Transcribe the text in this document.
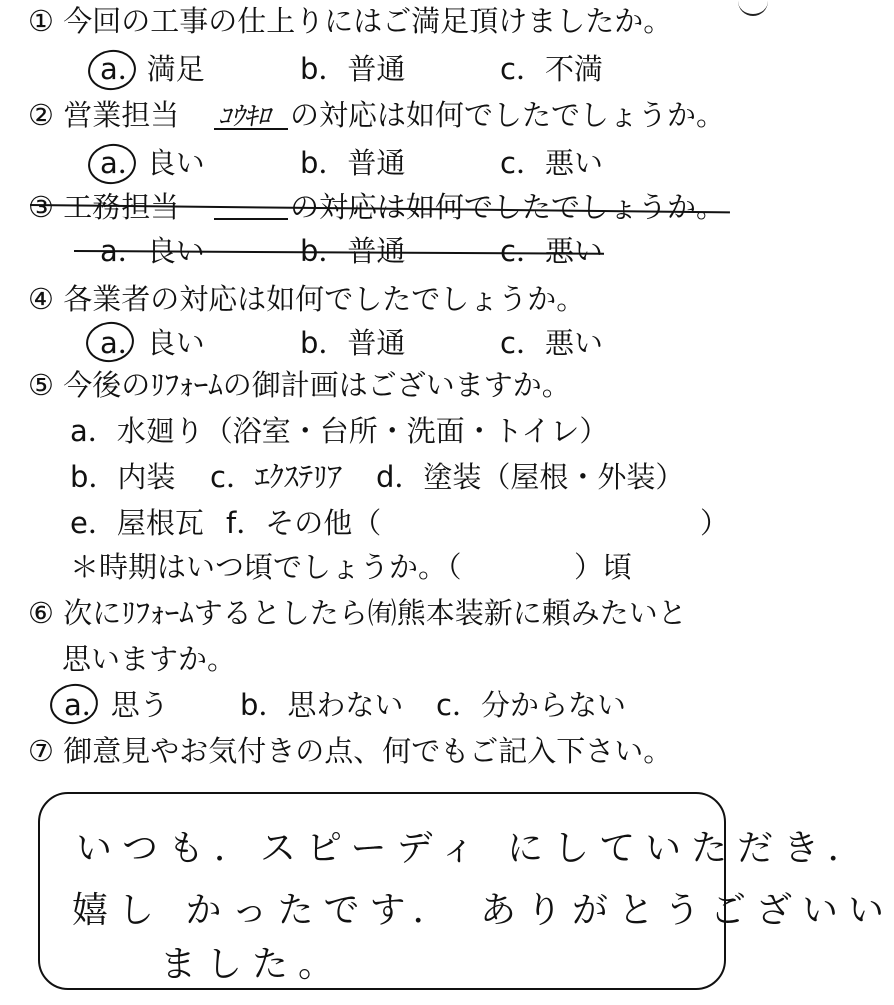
① 今回の工事の仕上りにはご満足頂けましたか。
a．満足	b．普通	c．不満
② 営業担当 ｺｳｷﾛ の対応は如何でしたでしょうか。
a．良い	b．普通	c．悪い
③ 工務担当	の対応は如何でしたでしょうか。
a．良い	b．普通	c．悪い
④ 各業者の対応は如何でしたでしょうか。
a．良い	b．普通	c．悪い
⑤ 今後のﾘﾌｫｰﾑの御計画はございますか。
a．水廻り（浴室・台所・洗面・トイレ）
b．内装 c．ｴｸｽﾃﾘｱ d．塗装（屋根・外装）
e．屋根瓦 f．その他（	）
＊時期はいつ頃でしょうか。（	）頃
⑥ 次にﾘﾌｫｰﾑするとしたら㈲熊本装新に頼みたいと
思いますか。
a．思う b．思わない c．分からない
⑦ 御意見やお気付きの点、何でもご記入下さい。
いつも．スピーディ にしていただき．
嬉し かったです． ありがとうございい
ました。
